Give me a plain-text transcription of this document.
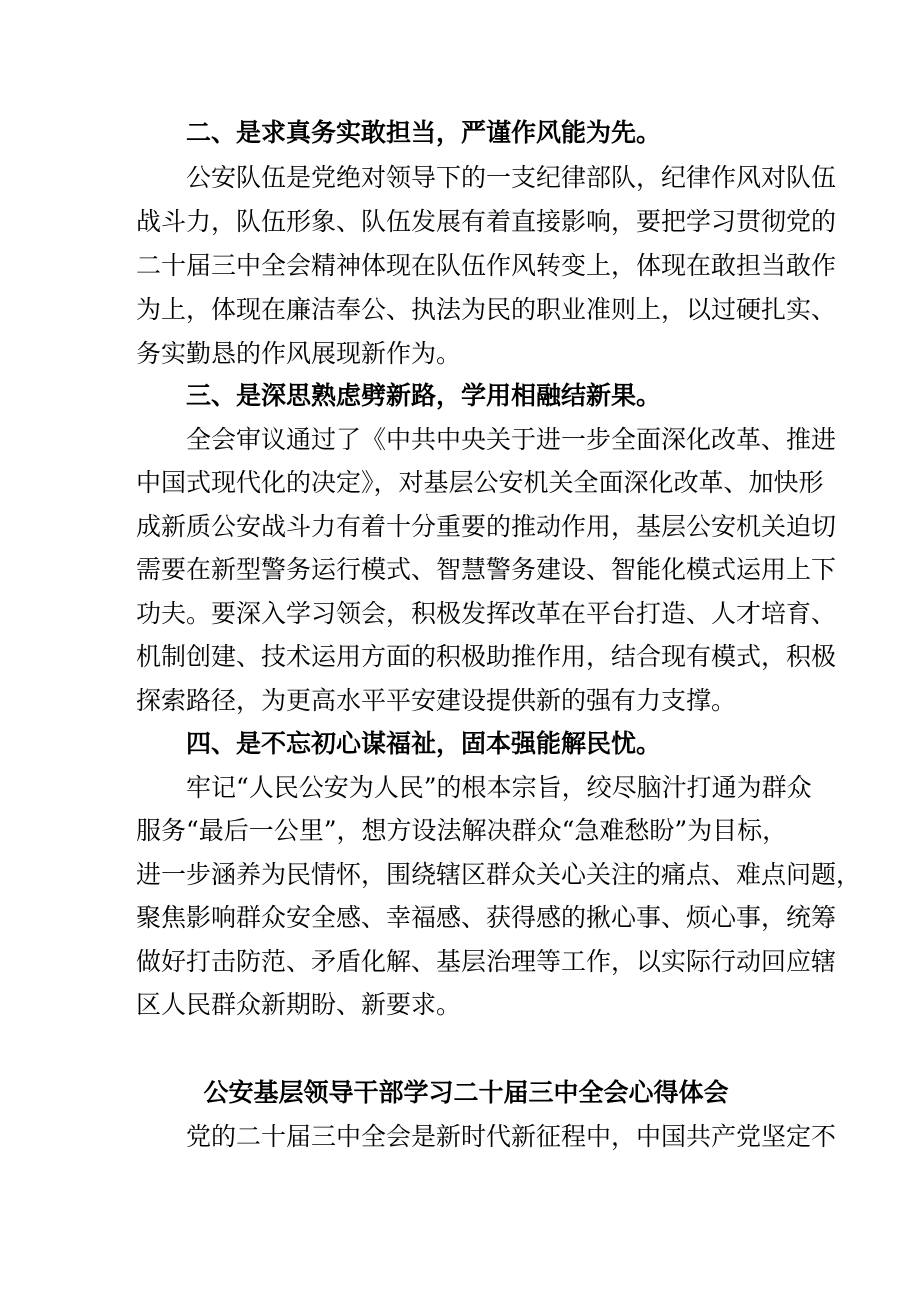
二、是求真务实敢担当，严谨作风能为先。
公安队伍是党绝对领导下的一支纪律部队，纪律作风对队伍
战斗力，队伍形象、队伍发展有着直接影响，要把学习贯彻党的
二十届三中全会精神体现在队伍作风转变上，体现在敢担当敢作
为上，体现在廉洁奉公、执法为民的职业准则上，以过硬扎实、
务实勤恳的作风展现新作为。
三、是深思熟虑劈新路，学用相融结新果。
全会审议通过了《中共中央关于进一步全面深化改革、推进
中国式现代化的决定》，对基层公安机关全面深化改革、加快形
成新质公安战斗力有着十分重要的推动作用，基层公安机关迫切
需要在新型警务运行模式、智慧警务建设、智能化模式运用上下
功夫。要深入学习领会，积极发挥改革在平台打造、人才培育、
机制创建、技术运用方面的积极助推作用，结合现有模式，积极
探索路径，为更高水平平安建设提供新的强有力支撑。
四、是不忘初心谋福祉，固本强能解民忧。
牢记“人民公安为人民”的根本宗旨，绞尽脑汁打通为群众
服务“最后一公里”，想方设法解决群众“急难愁盼”为目标，
进一步涵养为民情怀，围绕辖区群众关心关注的痛点、难点问题，
聚焦影响群众安全感、幸福感、获得感的揪心事、烦心事，统筹
做好打击防范、矛盾化解、基层治理等工作，以实际行动回应辖
区人民群众新期盼、新要求。
公安基层领导干部学习二十届三中全会心得体会
党的二十届三中全会是新时代新征程中，中国共产党坚定不
